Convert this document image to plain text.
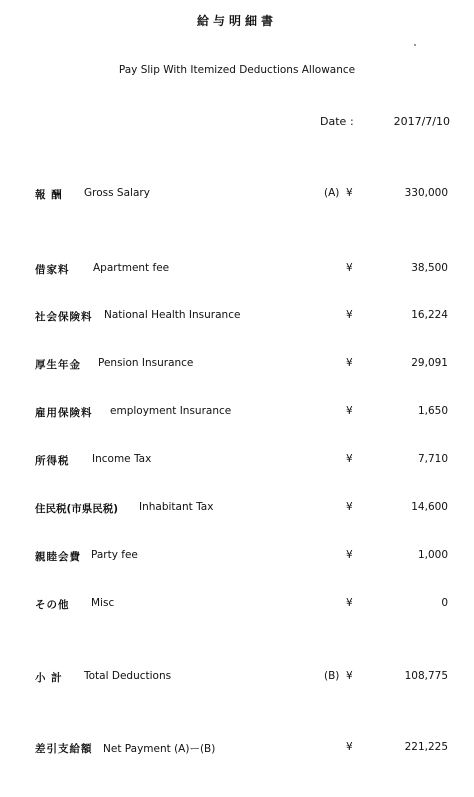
給与明細書
Pay Slip With Itemized Deductions Allowance
Date :	2017/7/10
報 酬 Gross Salary	(A) ¥	330,000
借家料 Apartment fee	¥	38,500
社会保険料 National Health Insurance	¥	16,224
厚生年金 Pension Insurance	¥	29,091
雇用保険料 employment Insurance	¥	1,650
所得税 Income Tax	¥	7,710
住民税(市県民税) Inhabitant Tax	¥	14,600
親睦会費 Party fee	¥	1,000
その他 Misc	¥	0
小 計 Total Deductions	(B) ¥	108,775
差引支給額 Net Payment (A)ー(B)	¥	221,225
